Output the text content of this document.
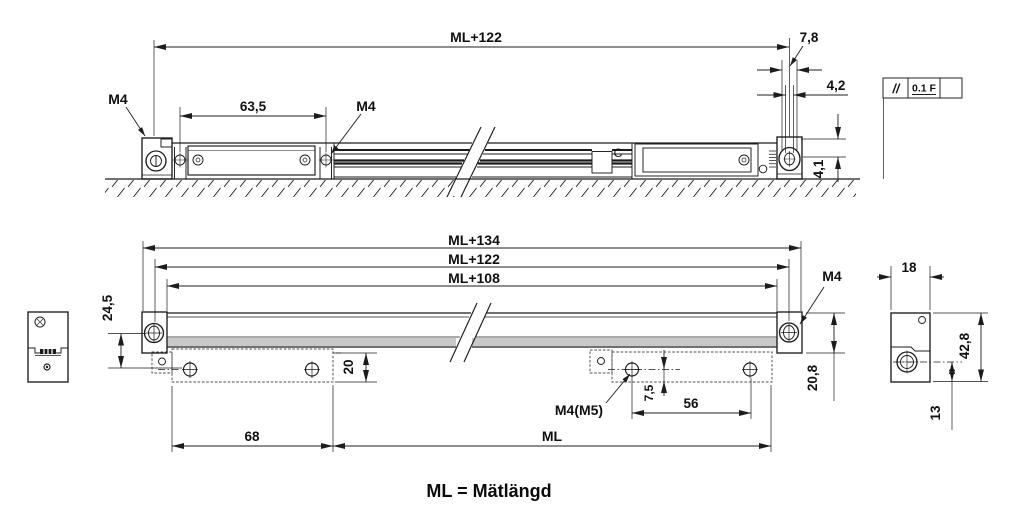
ML+122
63,5
M4	M4
7,8
4,2
4,1
C
// 0.1 F
ML+134
ML+122
ML+108
24,5
20
68	ML
56
7,5
M4(M5)
M4
20,8
18
42,8
13
ML = Mätlängd
